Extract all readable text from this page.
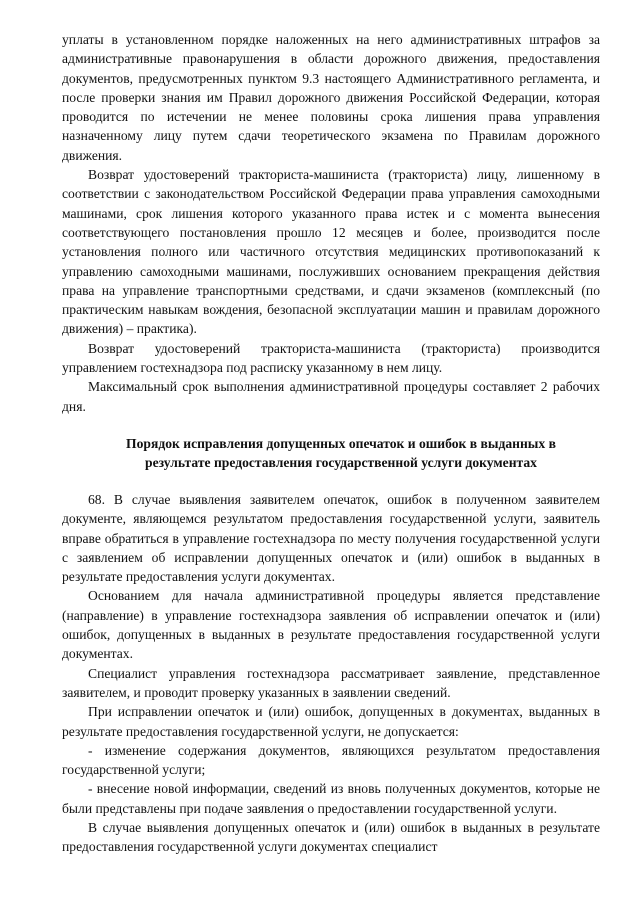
уплаты в установленном порядке наложенных на него административных штрафов за административные правонарушения в области дорожного движения, предоставления документов, предусмотренных пунктом 9.3 настоящего Административного регламента, и после проверки знания им Правил дорожного движения Российской Федерации, которая проводится по истечении не менее половины срока лишения права управления назначенному лицу путем сдачи теоретического экзамена по Правилам дорожного движения.

Возврат удостоверений тракториста-машиниста (тракториста) лицу, лишенному в соответствии с законодательством Российской Федерации права управления самоходными машинами, срок лишения которого указанного права истек и с момента вынесения соответствующего постановления прошло 12 месяцев и более, производится после установления полного или частичного отсутствия медицинских противопоказаний к управлению самоходными машинами, послуживших основанием прекращения действия права на управление транспортными средствами, и сдачи экзаменов (комплексный (по практическим навыкам вождения, безопасной эксплуатации машин и правилам дорожного движения) – практика).

Возврат удостоверений тракториста-машиниста (тракториста) производится управлением гостехнадзора под расписку указанному в нем лицу.

Максимальный срок выполнения административной процедуры составляет 2 рабочих дня.

Порядок исправления допущенных опечаток и ошибок в выданных в
результате предоставления государственной услуги документах

68. В случае выявления заявителем опечаток, ошибок в полученном заявителем документе, являющемся результатом предоставления государственной услуги, заявитель вправе обратиться в управление гостехнадзора по месту получения государственной услуги с заявлением об исправлении допущенных опечаток и (или) ошибок в выданных в результате предоставления услуги документах.

Основанием для начала административной процедуры является представление (направление) в управление гостехнадзора заявления об исправлении опечаток и (или) ошибок, допущенных в выданных в результате предоставления государственной услуги документах.

Специалист управления гостехнадзора рассматривает заявление, представленное заявителем, и проводит проверку указанных в заявлении сведений.

При исправлении опечаток и (или) ошибок, допущенных в документах, выданных в результате предоставления государственной услуги, не допускается:

- изменение содержания документов, являющихся результатом предоставления государственной услуги;

- внесение новой информации, сведений из вновь полученных документов, которые не были представлены при подаче заявления о предоставлении государственной услуги.

В случае выявления допущенных опечаток и (или) ошибок в выданных в результате предоставления государственной услуги документах специалист
